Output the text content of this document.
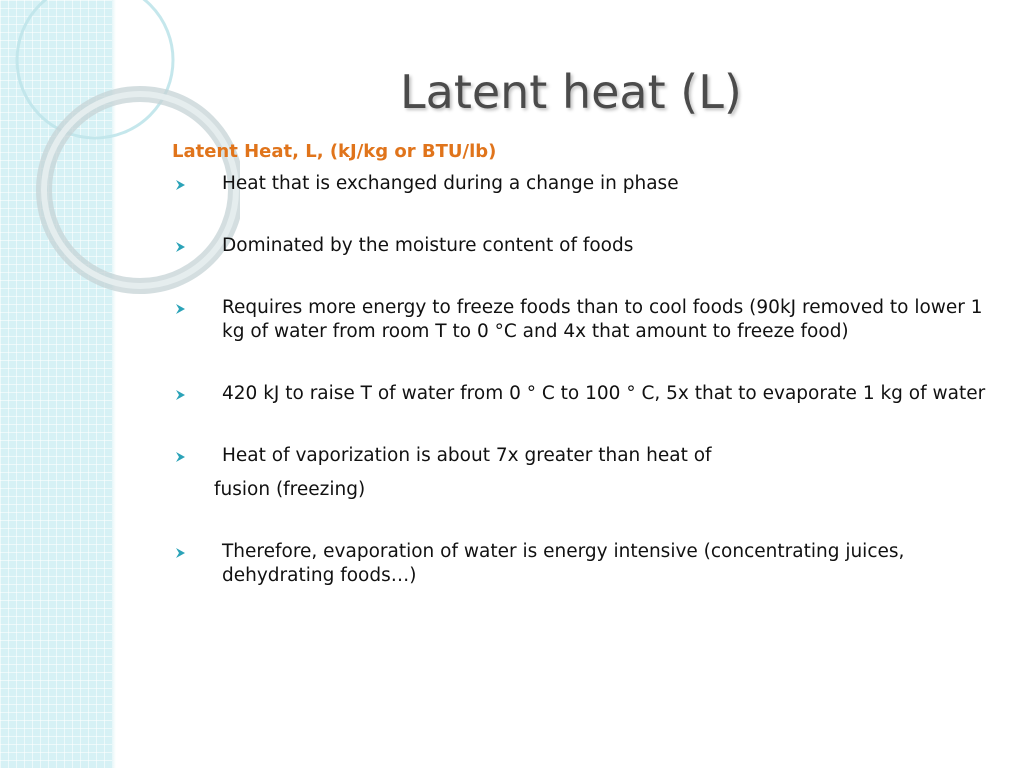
Latent heat (L)
Latent Heat, L, (kJ/kg or BTU/lb)
Heat that is exchanged during a change in phase
Dominated by the moisture content of foods
Requires more energy to freeze foods than to cool foods (90kJ removed to lower 1 kg of water from room T to 0 °C and 4x that amount to freeze food)
420 kJ to raise T of water from 0 ° C to 100 ° C, 5x that to evaporate 1 kg of water
Heat of vaporization is about 7x greater than heat of
fusion (freezing)
Therefore, evaporation of water is energy intensive (concentrating juices, dehydrating foods…)
